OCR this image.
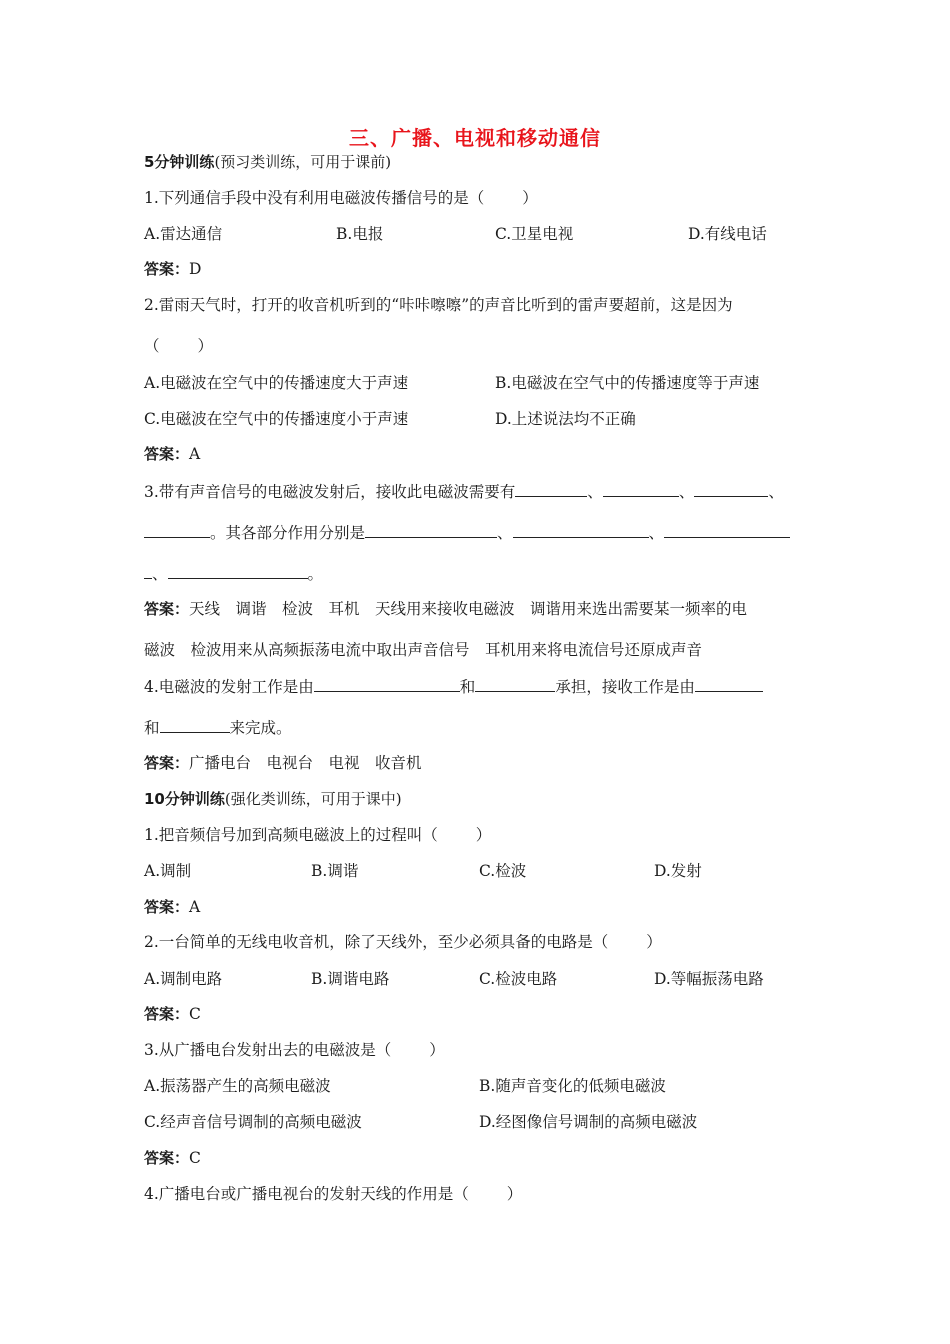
三、广播、电视和移动通信
5分钟训练(预习类训练，可用于课前)
1.下列通信手段中没有利用电磁波传播信号的是（ ）
A.雷达通信	B.电报	C.卫星电视	D.有线电话
答案：D
2.雷雨天气时，打开的收音机听到的“咔咔嚓嚓”的声音比听到的雷声要超前，这是因为
（ ）
A.电磁波在空气中的传播速度大于声速	B.电磁波在空气中的传播速度等于声速
C.电磁波在空气中的传播速度小于声速	D.上述说法均不正确
答案：A
3.带有声音信号的电磁波发射后，接收此电磁波需要有	、	、	、
。其各部分作用分别是	、	、
、	。
答案：天线　调谐　检波　耳机　天线用来接收电磁波　调谐用来选出需要某一频率的电
磁波　检波用来从高频振荡电流中取出声音信号　耳机用来将电流信号还原成声音
4.电磁波的发射工作是由	和	承担，接收工作是由
和	来完成。
答案：广播电台　电视台　电视　收音机
10分钟训练(强化类训练，可用于课中)
1.把音频信号加到高频电磁波上的过程叫（ ）
A.调制	B.调谐	C.检波	D.发射
答案：A
2.一台简单的无线电收音机，除了天线外，至少必须具备的电路是（ ）
A.调制电路	B.调谐电路	C.检波电路	D.等幅振荡电路
答案：C
3.从广播电台发射出去的电磁波是（ ）
A.振荡器产生的高频电磁波	B.随声音变化的低频电磁波
C.经声音信号调制的高频电磁波	D.经图像信号调制的高频电磁波
答案：C
4.广播电台或广播电视台的发射天线的作用是（ ）
